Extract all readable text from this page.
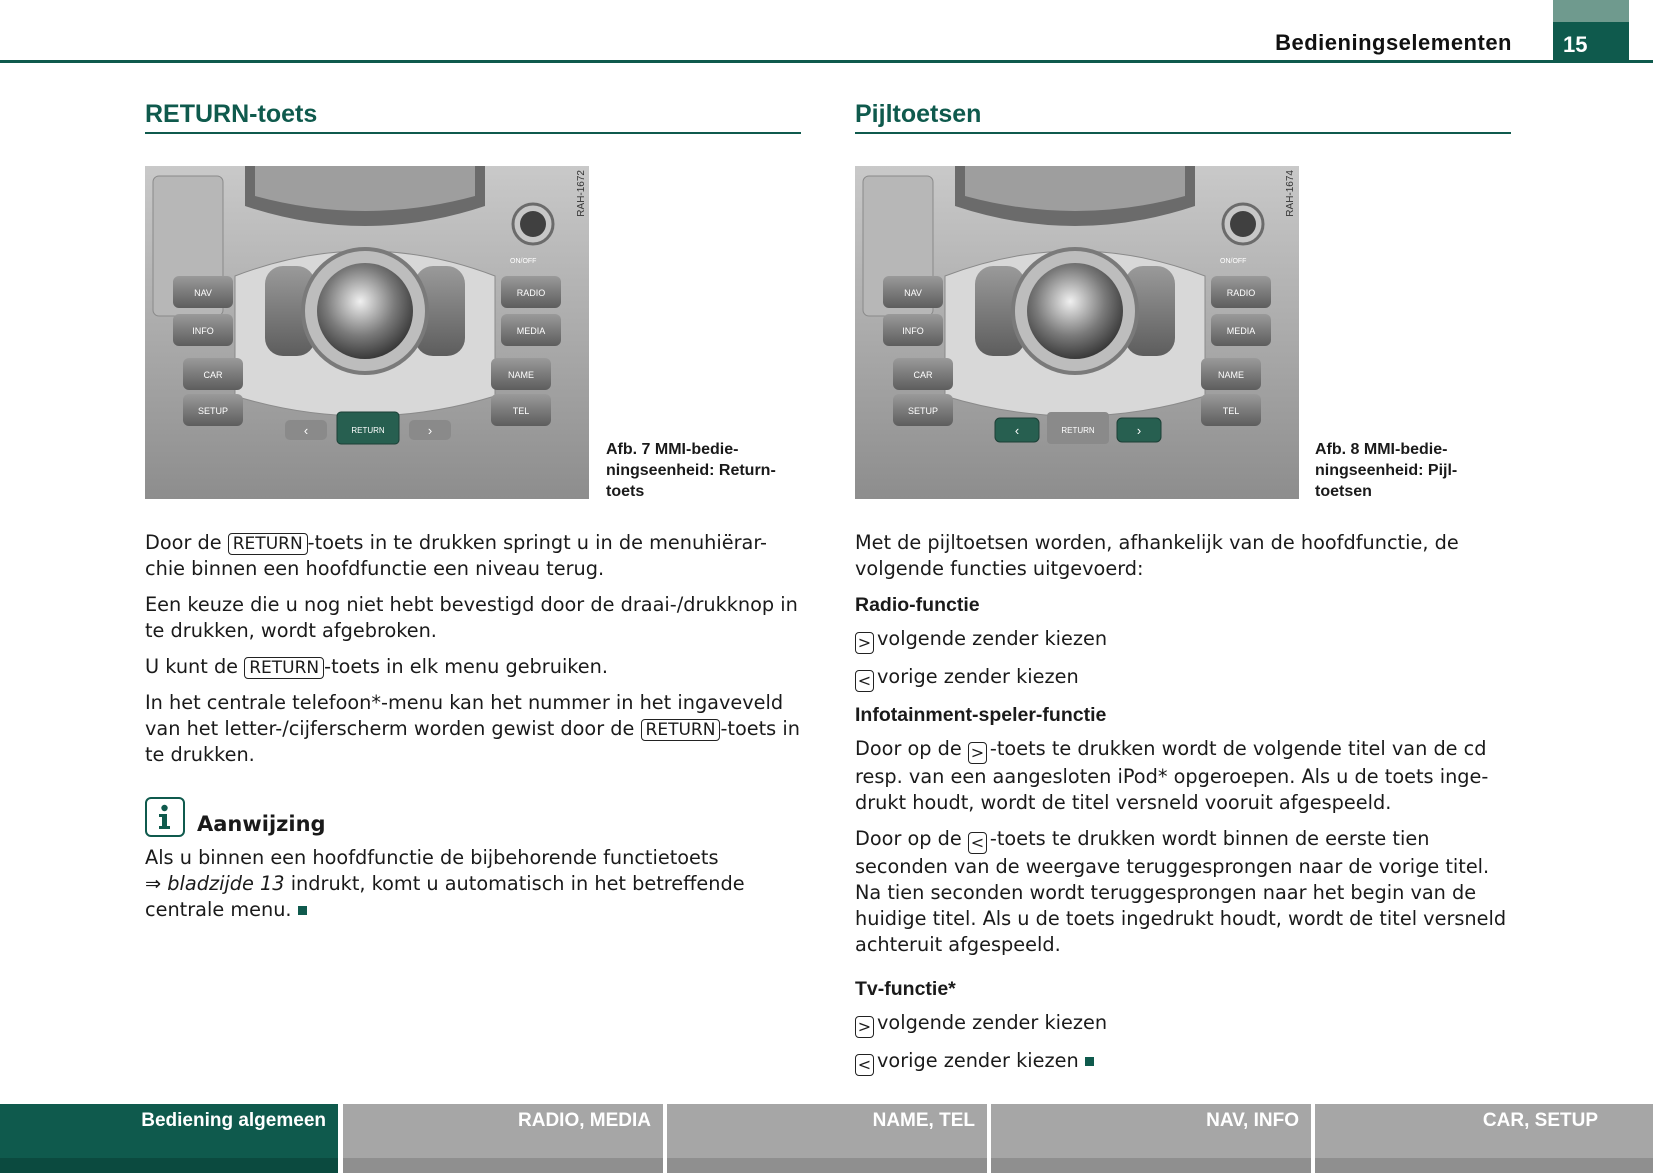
Bedieningselementen	15
RETURN-toets
ON/OFF
NAV
INFO
CAR
SETUP
RADIO
MEDIA
NAME
TEL
‹	RETURN	›
RAH-1672
Afb. 7 MMI-bedie-ningseenheid: Return-toets

Door de RETURN -toets in te drukken springt u in de menuhiërar-chie binnen een hoofdfunctie een niveau terug.

Een keuze die u nog niet hebt bevestigd door de draai-/drukknop in te drukken, wordt afgebroken.

U kunt de RETURN -toets in elk menu gebruiken.

In het centrale telefoon*-menu kan het nummer in het ingaveveld van het letter-/cijferscherm worden gewist door de RETURN -toets in te drukken.

Aanwijzing
Als u binnen een hoofdfunctie de bijbehorende functietoets
⇒ bladzijde 13 indrukt, komt u automatisch in het betreffende centrale menu.
Pijltoetsen
ON/OFF
NAV
INFO
CAR
SETUP
RADIO
MEDIA
NAME
TEL
‹	RETURN	›
RAH-1674
Afb. 8 MMI-bedie-ningseenheid: Pijl-toetsen

Met de pijltoetsen worden, afhankelijk van de hoofdfunctie, de volgende functies uitgevoerd:

Radio-functie
> volgende zender kiezen
< vorige zender kiezen
Infotainment-speler-functie

Door op de > -toets te drukken wordt de volgende titel van de cd resp. van een aangesloten iPod* opgeroepen. Als u de toets inge-drukt houdt, wordt de titel versneld vooruit afgespeeld.

Door op de < -toets te drukken wordt binnen de eerste tien seconden van de weergave teruggesprongen naar de vorige titel. Na tien seconden wordt teruggesprongen naar het begin van de huidige titel. Als u de toets ingedrukt houdt, wordt de titel versneld achteruit afgespeeld.

Tv-functie*
> volgende zender kiezen
< vorige zender kiezen
Bediening algemeen	RADIO, MEDIA	NAME, TEL	NAV, INFO	CAR, SETUP
